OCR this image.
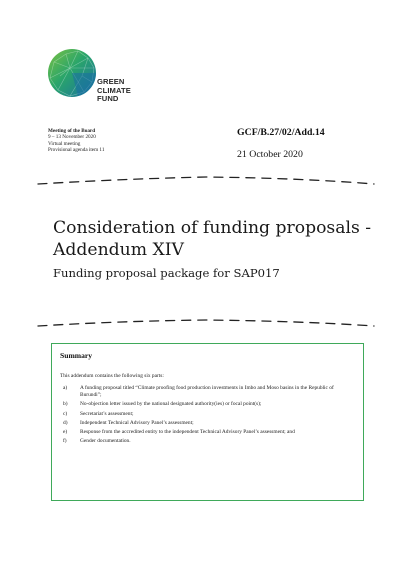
GREEN
CLIMATE
FUND
Meeting of the Board
9 – 13 November 2020
Virtual meeting
Provisional agenda item 11
GCF/B.27/02/Add.14
21 October 2020
Consideration of funding proposals - Addendum XIV
Funding proposal package for SAP017
Summary
This addendum contains the following six parts:
a)	A funding proposal titled “Climate proofing food production investments in Imbo and Moso basins in the Republic of Burundi”;
b)	No-objection letter issued by the national designated authority(ies) or focal point(s);
c)	Secretariat’s assessment;
d)	Independent Technical Advisory Panel’s assessment;
e)	Response from the accredited entity to the independent Technical Advisory Panel’s assessment; and
f)	Gender documentation.
